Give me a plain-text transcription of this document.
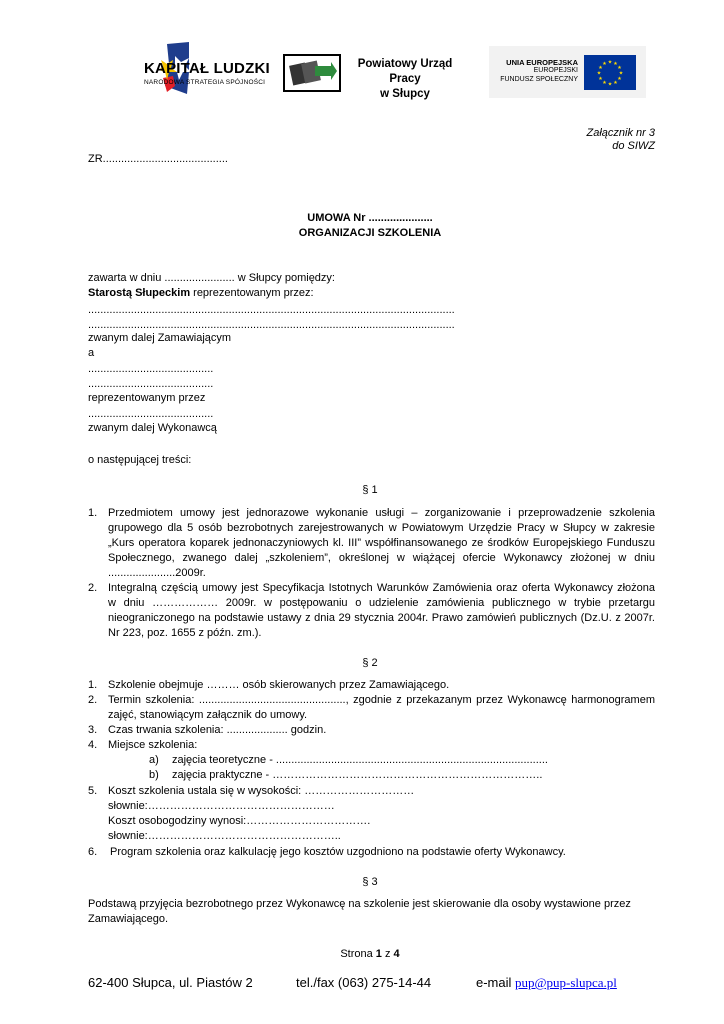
KAPITAŁ LUDZKI
NARODOWA STRATEGIA SPÓJNOŚCI
Powiatowy Urząd Pracy
w Słupcy
UNIA EUROPEJSKA
EUROPEJSKI
FUNDUSZ SPOŁECZNY
★ ★
★
★
★
★
★
★
★
★
★
★
Załącznik nr 3
do SIWZ
ZR.........................................
UMOWA Nr .....................
ORGANIZACJI SZKOLENIA
zawarta w dniu ....................... w Słupcy pomiędzy:
Starostą Słupeckim reprezentowanym przez:
........................................................................................................................
........................................................................................................................
zwanym dalej Zamawiającym
a
.........................................
.........................................
reprezentowanym przez
.........................................
zwanym dalej Wykonawcą
o następującej treści:
§ 1
1. Przedmiotem umowy jest jednorazowe wykonanie usługi – zorganizowanie i przeprowadzenie szkolenia
grupowego dla 5 osób bezrobotnych zarejestrowanych w Powiatowym Urzędzie Pracy w Słupcy w zakresie
„Kurs operatora koparek jednonaczyniowych kl. III” współfinansowanego ze środków Europejskiego Funduszu
Społecznego, zwanego dalej „szkoleniem”, określonej w wiążącej ofercie Wykonawcy złożonej w dniu
......................2009r.
2. Integralną częścią umowy jest Specyfikacja Istotnych Warunków Zamówienia oraz oferta Wykonawcy złożona
w dniu ……………… 2009r. w postępowaniu o udzielenie zamówienia publicznego w trybie przetargu
nieograniczonego na podstawie ustawy z dnia 29 stycznia 2004r. Prawo zamówień publicznych (Dz.U. z 2007r.
Nr 223, poz. 1655 z późn. zm.).
§ 2
1. Szkolenie obejmuje ……… osób skierowanych przez Zamawiającego.
2. Termin szkolenia: ................................................, zgodnie z przekazanym przez Wykonawcę harmonogramem
zajęć, stanowiącym załącznik do umowy.
3. Czas trwania szkolenia: .................... godzin.
4. Miejsce szkolenia:
a) zajęcia teoretyczne - .........................................................................................
b) zajęcia praktyczne - ………………………………………………………………..
5. Koszt szkolenia ustala się w wysokości: …………………………
słownie:……………………………………………
Koszt osobogodziny wynosi:…………………………….
słownie:……………………………………………..
6. Program szkolenia oraz kalkulację jego kosztów uzgodniono na podstawie oferty Wykonawcy.
§ 3
Podstawą przyjęcia bezrobotnego przez Wykonawcę na szkolenie jest skierowanie dla osoby wystawione przez
Zamawiającego.
Strona 1 z 4
62-400 Słupca, ul. Piastów 2	tel./fax (063) 275-14-44	e-mail pup@pup-slupca.pl
